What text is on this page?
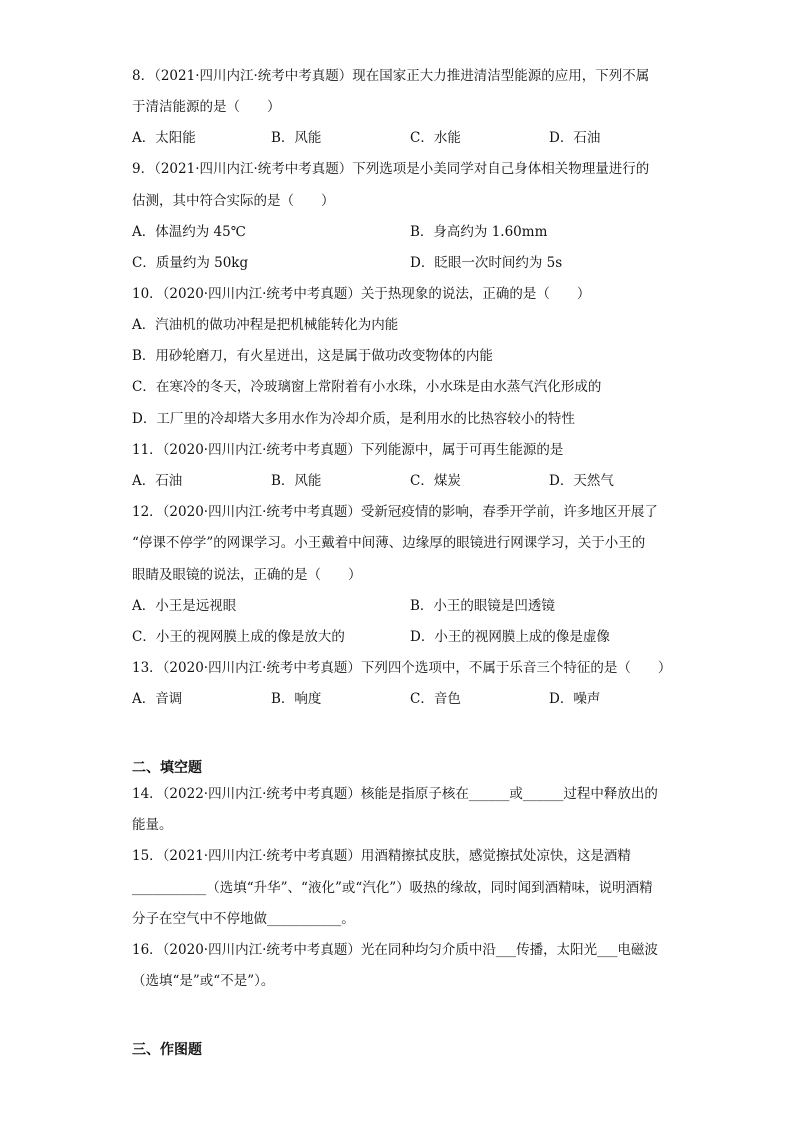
8．（2021·四川内江·统考中考真题）现在国家正大力推进清洁型能源的应用，下列不属
于清洁能源的是（　　）
A．太阳能	B．风能	C．水能	D．石油
9．（2021·四川内江·统考中考真题）下列选项是小美同学对自己身体相关物理量进行的
估测，其中符合实际的是（　　）
A．体温约为 45℃	B．身高约为 1.60mm
C．质量约为 50kg	D．眨眼一次时间约为 5s
10．（2020·四川内江·统考中考真题）关于热现象的说法，正确的是（　　）
A．汽油机的做功冲程是把机械能转化为内能
B．用砂轮磨刀，有火星迸出，这是属于做功改变物体的内能
C．在寒冷的冬天，冷玻璃窗上常附着有小水珠，小水珠是由水蒸气汽化形成的
D．工厂里的冷却塔大多用水作为冷却介质，是利用水的比热容较小的特性
11．（2020·四川内江·统考中考真题）下列能源中，属于可再生能源的是
A．石油	B．风能	C．煤炭	D．天然气
12．（2020·四川内江·统考中考真题）受新冠疫情的影响，春季开学前，许多地区开展了
“停课不停学”的网课学习。小王戴着中间薄、边缘厚的眼镜进行网课学习，关于小王的
眼睛及眼镜的说法，正确的是（　　）
A．小王是远视眼	B．小王的眼镜是凹透镜
C．小王的视网膜上成的像是放大的	D．小王的视网膜上成的像是虚像
13．（2020·四川内江·统考中考真题）下列四个选项中，不属于乐音三个特征的是（　　）
A．音调	B．响度	C．音色	D．噪声
二、填空题
14．（2022·四川内江·统考中考真题）核能是指原子核在______或______过程中释放出的
能量。
15．（2021·四川内江·统考中考真题）用酒精擦拭皮肤，感觉擦拭处凉快，这是酒精
___________（选填“升华”、“液化”或“汽化”）吸热的缘故，同时闻到酒精味，说明酒精
分子在空气中不停地做___________。
16．（2020·四川内江·统考中考真题）光在同种均匀介质中沿___传播，太阳光___电磁波
（选填“是”或“不是”）。
三、作图题
